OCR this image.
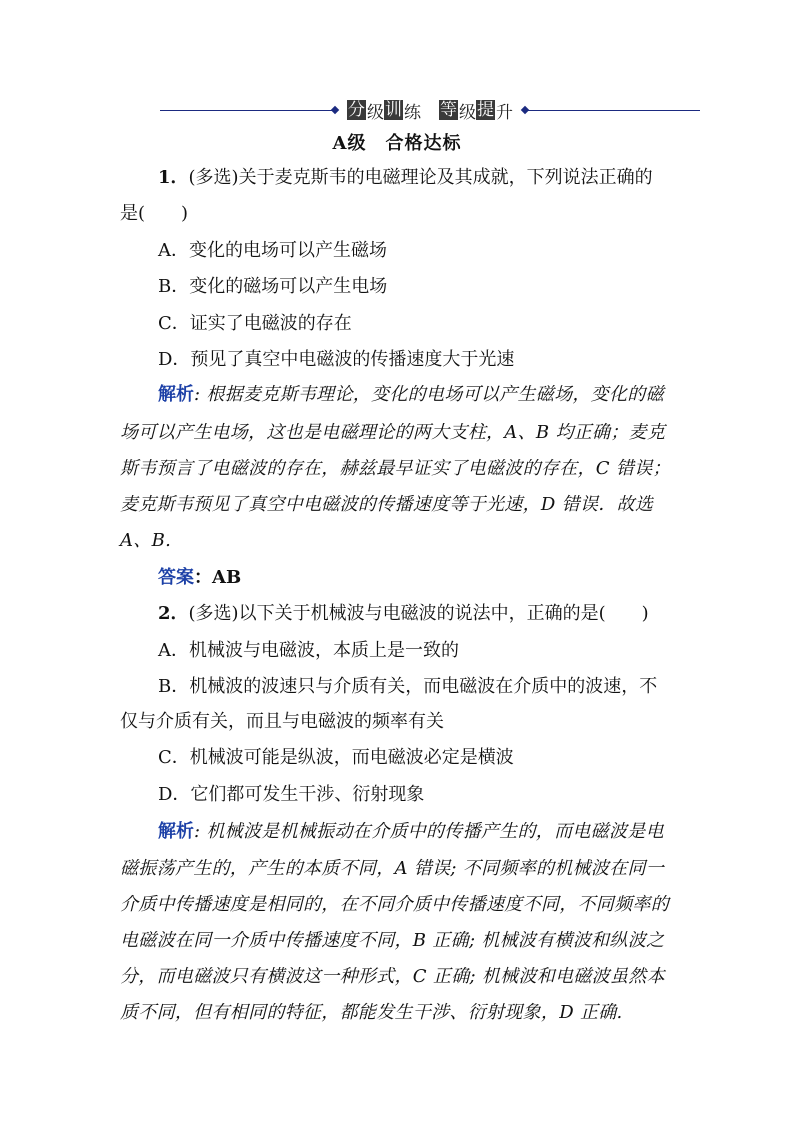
分 级 训 练 等 级 提 升
A级　合格达标
1．(多选)关于麦克斯韦的电磁理论及其成就，下列说法正确的
是(　　)
A．变化的电场可以产生磁场
B．变化的磁场可以产生电场
C．证实了电磁波的存在
D．预见了真空中电磁波的传播速度大于光速
解析: 根据麦克斯韦理论，变化的电场可以产生磁场，变化的磁
场可以产生电场，这也是电磁理论的两大支柱，A、B 均正确；麦克
斯韦预言了电磁波的存在，赫兹最早证实了电磁波的存在，C 错误；
麦克斯韦预见了真空中电磁波的传播速度等于光速，D 错误．故选
A、B.
答案：AB
2．(多选)以下关于机械波与电磁波的说法中，正确的是(　　)
A．机械波与电磁波，本质上是一致的
B．机械波的波速只与介质有关，而电磁波在介质中的波速，不
仅与介质有关，而且与电磁波的频率有关
C．机械波可能是纵波，而电磁波必定是横波
D．它们都可发生干涉、衍射现象
解析: 机械波是机械振动在介质中的传播产生的，而电磁波是电
磁振荡产生的，产生的本质不同，A 错误; 不同频率的机械波在同一
介质中传播速度是相同的，在不同介质中传播速度不同，不同频率的
电磁波在同一介质中传播速度不同，B 正确; 机械波有横波和纵波之
分，而电磁波只有横波这一种形式，C 正确; 机械波和电磁波虽然本
质不同，但有相同的特征，都能发生干涉、衍射现象，D 正确.
